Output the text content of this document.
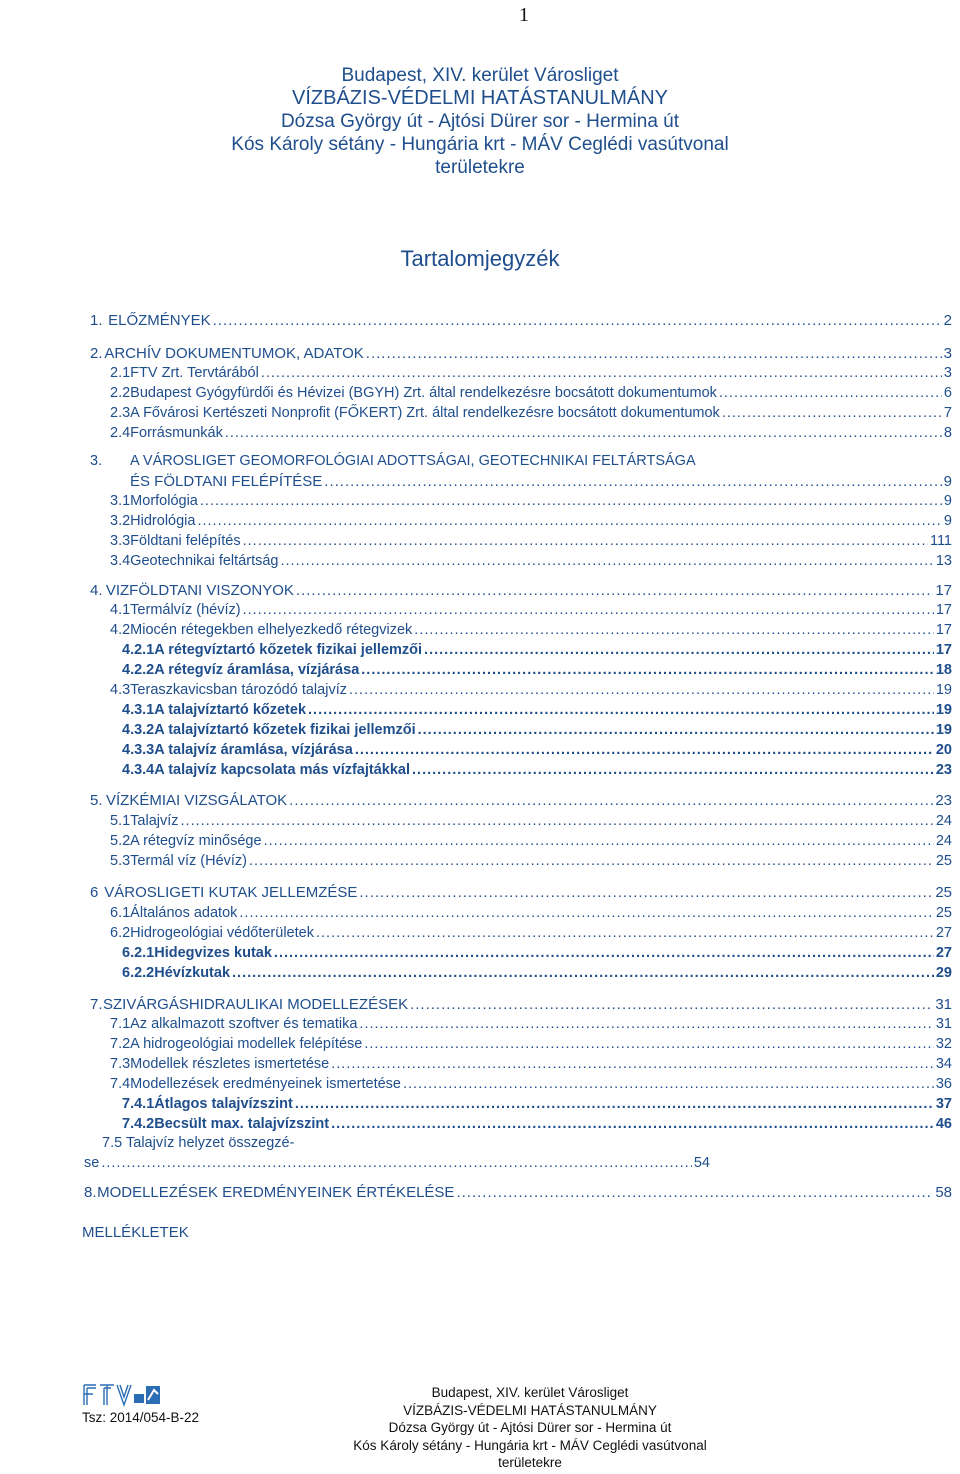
1
Budapest, XIV. kerület Városliget
VÍZBÁZIS-VÉDELMI HATÁSTANULMÁNY
Dózsa György út - Ajtósi Dürer sor - Hermina út
Kós Károly sétány - Hungária krt - MÁV Ceglédi vasútvonal
területekre
Tartalomjegyzék
1. ELŐZMÉNYEK .....	2
2. ARCHÍV DOKUMENTUMOK, ADATOK .....	3
2.1 FTV Zrt. Tervtárából .....	3
2.2 Budapest Gyógyfürdői és Hévizei (BGYH) Zrt. által rendelkezésre bocsátott dokumentumok .....	6
2.3 A Fővárosi Kertészeti Nonprofit (FŐKERT) Zrt. által rendelkezésre bocsátott dokumentumok .....	7
2.4 Forrásmunkák .....	8
3. A VÁROSLIGET GEOMORFOLÓGIAI ADOTTSÁGAI, GEOTECHNIKAI FELTÁRTSÁGA
ÉS FÖLDTANI FELÉPÍTÉSE .....	9
3.1 Morfológia .....	9
3.2 Hidrológia .....	9
3.3 Földtani felépítés .....	111
3.4 Geotechnikai feltártság .....	13
4. VIZFÖLDTANI VISZONYOK .....	17
4.1 Termálvíz (hévíz) .....	17
4.2 Miocén rétegekben elhelyezkedő rétegvizek .....	17
4.2.1 A rétegvíztartó kőzetek fizikai jellemzői .....	17
4.2.2 A rétegvíz áramlása, vízjárása .....	18
4.3 Teraszkavicsban tározódó talajvíz .....	19
4.3.1 A talajvíztartó kőzetek .....	19
4.3.2 A talajvíztartó kőzetek fizikai jellemzői .....	19
4.3.3 A talajvíz áramlása, vízjárása .....	20
4.3.4 A talajvíz kapcsolata más vízfajtákkal .....	23
5. VÍZKÉMIAI VIZSGÁLATOK .....	23
5.1 Talajvíz .....	24
5.2 A rétegvíz minősége .....	24
5.3 Termál víz (Hévíz) .....	25
6 VÁROSLIGETI KUTAK JELLEMZÉSE .....	25
6.1 Általános adatok .....	25
6.2 Hidrogeológiai védőterületek .....	27
6.2.1 Hidegvizes kutak .....	27
6.2.2 Hévízkutak .....	29
7. SZIVÁRGÁSHIDRAULIKAI MODELLEZÉSEK .....	31
7.1 Az alkalmazott szoftver és tematika .....	31
7.2 A hidrogeológiai modellek felépítése .....	32
7.3 Modellek részletes ismertetése .....	34
7.4 Modellezések eredményeinek ismertetése .....	36
7.4.1 Átlagos talajvízszint .....	37
7.4.2 Becsült max. talajvízszint .....	46
7.5 Talajvíz helyzet összegzé-
se .....	54
8. MODELLEZÉSEK EREDMÉNYEINEK ÉRTÉKELÉSE .....	58
MELLÉKLETEK
Tsz: 2014/054-B-22
Budapest, XIV. kerület Városliget
VÍZBÁZIS-VÉDELMI HATÁSTANULMÁNY
Dózsa György út - Ajtósi Dürer sor - Hermina út
Kós Károly sétány - Hungária krt - MÁV Ceglédi vasútvonal
területekre
